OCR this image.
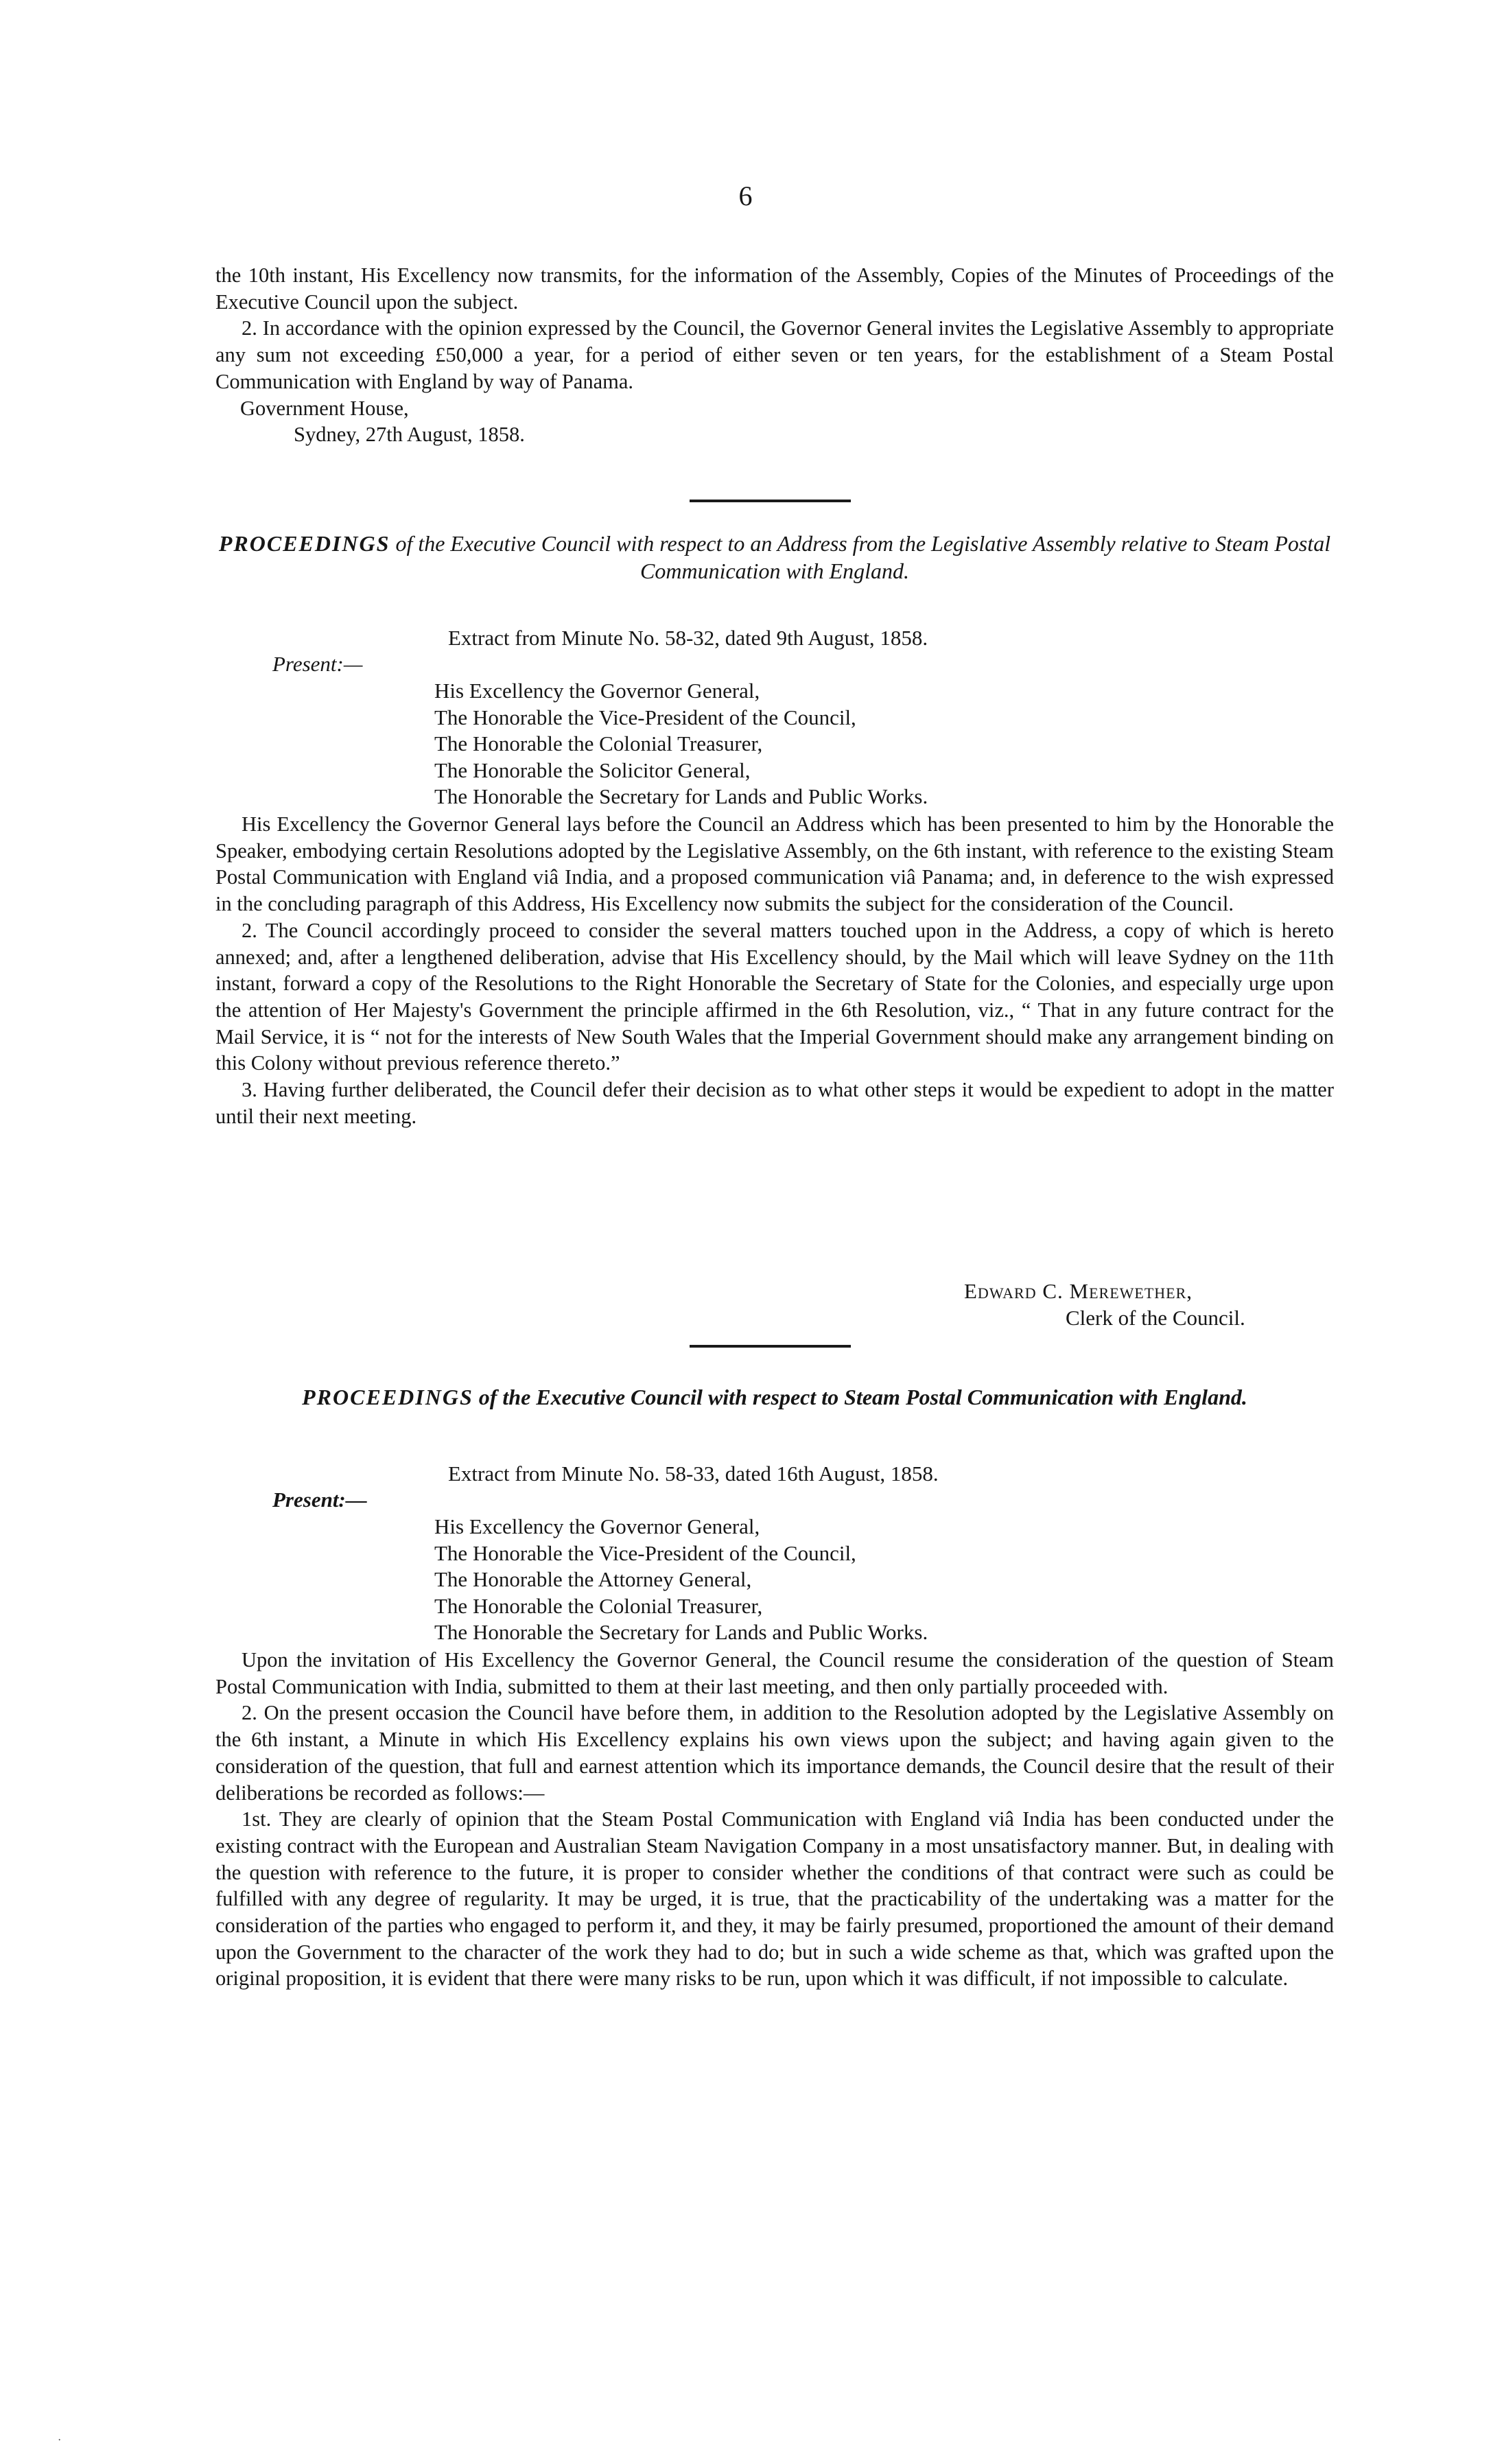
6

the 10th instant, His Excellency now transmits, for the information of the Assembly, Copies of the Minutes of Proceedings of the Executive Council upon the subject.

2. In accordance with the opinion expressed by the Council, the Governor General invites the Legislative Assembly to appropriate any sum not exceeding £50,000 a year, for a period of either seven or ten years, for the establishment of a Steam Postal Communication with England by way of Panama.

Government House,

Sydney, 27th August, 1858.

PROCEEDINGS of the Executive Council with respect to an Address from the Legislative Assembly relative to Steam Postal Communication with England.
Extract from Minute No. 58-32, dated 9th August, 1858.
Present:—
His Excellency the Governor General,
The Honorable the Vice-President of the Council,
The Honorable the Colonial Treasurer,
The Honorable the Solicitor General,
The Honorable the Secretary for Lands and Public Works.

His Excellency the Governor General lays before the Council an Address which has been presented to him by the Honorable the Speaker, embodying certain Resolutions adopted by the Legislative Assembly, on the 6th instant, with reference to the existing Steam Postal Communication with England viâ India, and a proposed communication viâ Panama; and, in deference to the wish expressed in the concluding paragraph of this Address, His Excellency now submits the subject for the consideration of the Council.

2. The Council accordingly proceed to consider the several matters touched upon in the Address, a copy of which is hereto annexed; and, after a lengthened deliberation, advise that His Excellency should, by the Mail which will leave Sydney on the 11th instant, forward a copy of the Resolutions to the Right Honorable the Secretary of State for the Colonies, and especially urge upon the attention of Her Majesty's Government the principle affirmed in the 6th Resolution, viz., “ That in any future contract for the Mail Service, it is “ not for the interests of New South Wales that the Imperial Government should make any arrangement binding on this Colony without previous reference thereto.”

3. Having further deliberated, the Council defer their decision as to what other steps it would be expedient to adopt in the matter until their next meeting.

Edward C. Merewether,
Clerk of the Council.
PROCEEDINGS of the Executive Council with respect to Steam Postal Communication with England.
Extract from Minute No. 58-33, dated 16th August, 1858.
Present:—
His Excellency the Governor General,
The Honorable the Vice-President of the Council,
The Honorable the Attorney General,
The Honorable the Colonial Treasurer,
The Honorable the Secretary for Lands and Public Works.

Upon the invitation of His Excellency the Governor General, the Council resume the consideration of the question of Steam Postal Communication with India, submitted to them at their last meeting, and then only partially proceeded with.

2. On the present occasion the Council have before them, in addition to the Resolution adopted by the Legislative Assembly on the 6th instant, a Minute in which His Excellency explains his own views upon the subject; and having again given to the consideration of the question, that full and earnest attention which its importance demands, the Council desire that the result of their deliberations be recorded as follows:—

1st. They are clearly of opinion that the Steam Postal Communication with England viâ India has been conducted under the existing contract with the European and Australian Steam Navigation Company in a most unsatisfactory manner. But, in dealing with the question with reference to the future, it is proper to consider whether the conditions of that contract were such as could be fulfilled with any degree of regularity. It may be urged, it is true, that the practicability of the undertaking was a matter for the consideration of the parties who engaged to perform it, and they, it may be fairly presumed, proportioned the amount of their demand upon the Government to the character of the work they had to do; but in such a wide scheme as that, which was grafted upon the original proposition, it is evident that there were many risks to be run, upon which it was difficult, if not impossible to calculate.

·
